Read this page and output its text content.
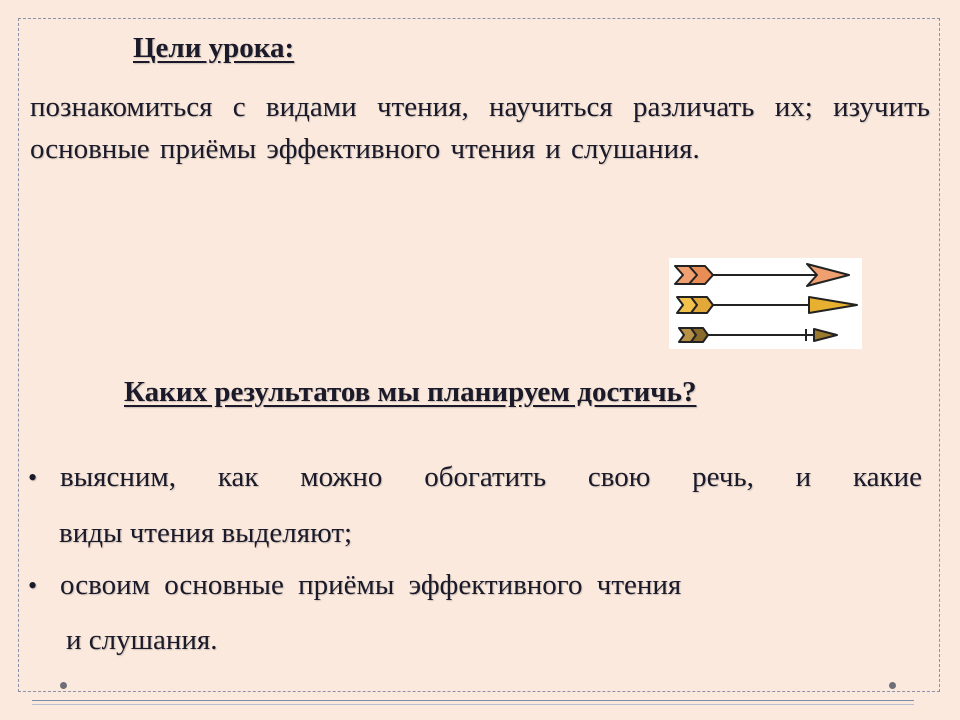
Цели урока:
познакомиться с видами чтения, научиться различать их; изучить основные приёмы эффективного чтения и слушания.
Каких результатов мы планируем достичь?
• выясним, как можно обогатить свою речь, и какие
виды чтения выделяют;
• освоим основные приёмы эффективного чтения
и слушания.
